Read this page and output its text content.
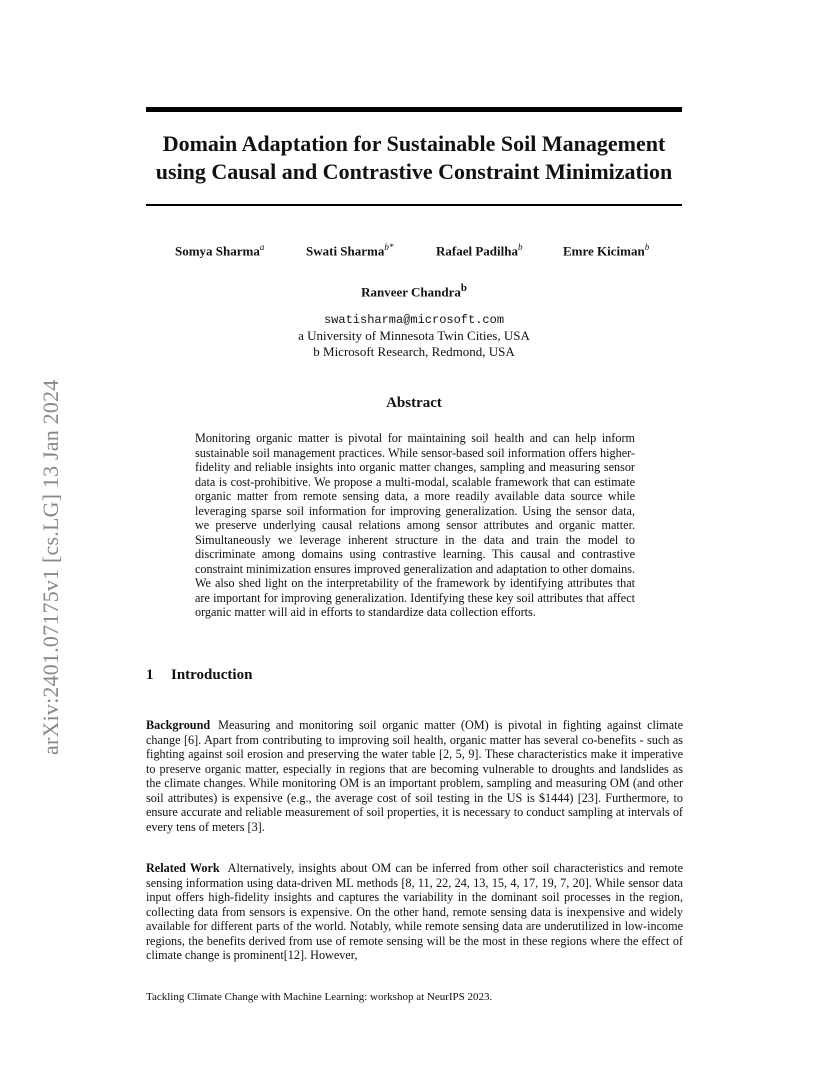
arXiv:2401.07175v1 [cs.LG] 13 Jan 2024
Domain Adaptation for Sustainable Soil Management
using Causal and Contrastive Constraint Minimization
Somya Sharma$^a$	Swati Sharma$^{b*}$	Rafael Padilha$^b$	Emre Kiciman$^b$
Ranveer Chandra$^b$
swatisharma@microsoft.com
a University of Minnesota Twin Cities, USA
b Microsoft Research, Redmond, USA
Abstract
Monitoring organic matter is pivotal for maintaining soil health and can help inform sustainable soil management practices. While sensor-based soil information offers higher-fidelity and reliable insights into organic matter changes, sampling and measuring sensor data is cost-prohibitive. We propose a multi-modal, scalable framework that can estimate organic matter from remote sensing data, a more readily available data source while leveraging sparse soil information for improving generalization. Using the sensor data, we preserve underlying causal relations among sensor attributes and organic matter. Simultaneously we leverage inherent structure in the data and train the model to discriminate among domains using contrastive learning. This causal and contrastive constraint minimization ensures improved generalization and adaptation to other domains. We also shed light on the interpretability of the framework by identifying attributes that are important for improving generalization. Identifying these key soil attributes that affect organic matter will aid in efforts to standardize data collection efforts.
1 Introduction
Background Measuring and monitoring soil organic matter (OM) is pivotal in fighting against climate change [6]. Apart from contributing to improving soil health, organic matter has several co-benefits - such as fighting against soil erosion and preserving the water table [2, 5, 9]. These characteristics make it imperative to preserve organic matter, especially in regions that are becoming vulnerable to droughts and landslides as the climate changes. While monitoring OM is an important problem, sampling and measuring OM (and other soil attributes) is expensive (e.g., the average cost of soil testing in the US is $1444) [23]. Furthermore, to ensure accurate and reliable measurement of soil properties, it is necessary to conduct sampling at intervals of every tens of meters [3].
Related Work Alternatively, insights about OM can be inferred from other soil characteristics and remote sensing information using data-driven ML methods [8, 11, 22, 24, 13, 15, 4, 17, 19, 7, 20]. While sensor data input offers high-fidelity insights and captures the variability in the dominant soil processes in the region, collecting data from sensors is expensive. On the other hand, remote sensing data is inexpensive and widely available for different parts of the world. Notably, while remote sensing data are underutilized in low-income regions, the benefits derived from use of remote sensing will be the most in these regions where the effect of climate change is prominent[12]. However,
Tackling Climate Change with Machine Learning: workshop at NeurIPS 2023.
